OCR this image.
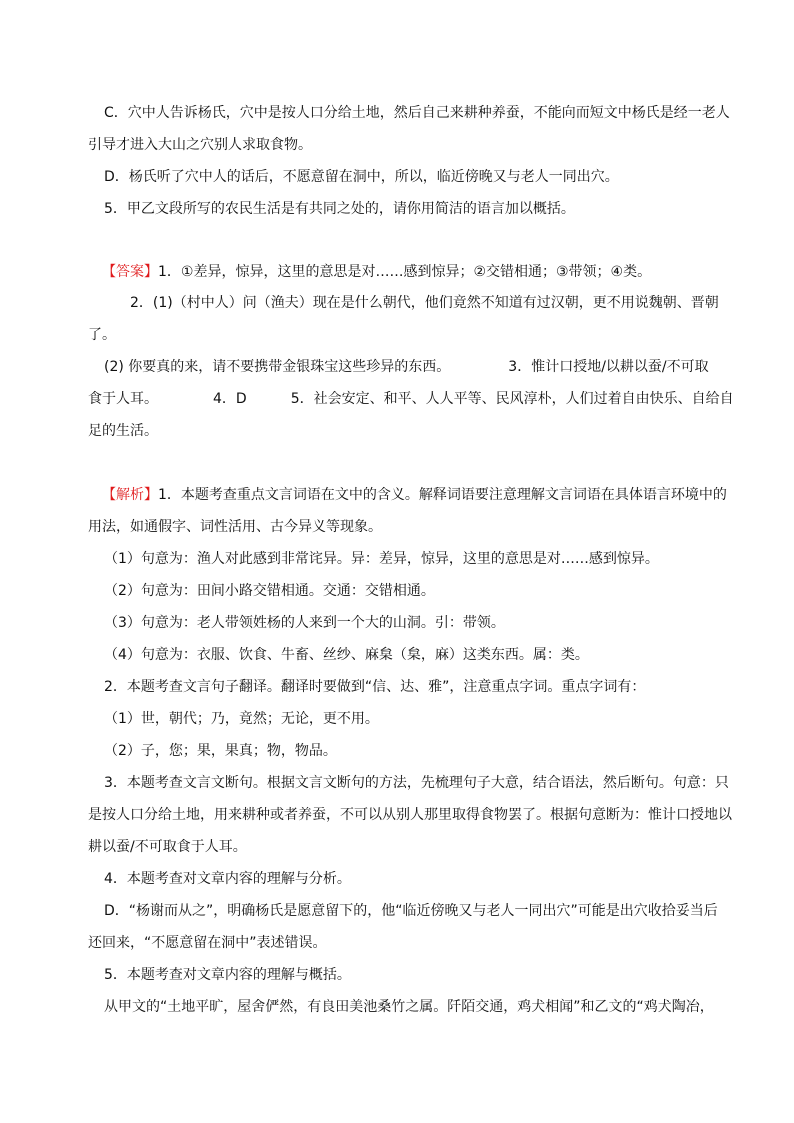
C．穴中人告诉杨氏，穴中是按人口分给土地，然后自己来耕种养蚕，不能向而短文中杨氏是经一老人
引导才进入大山之穴别人求取食物。
D．杨氏听了穴中人的话后，不愿意留在洞中，所以，临近傍晚又与老人一同出穴。
5．甲乙文段所写的农民生活是有共同之处的，请你用简洁的语言加以概括。
【答案】1．①差异，惊异，这里的意思是对……感到惊异；②交错相通；③带领；④类。
2．(1)（村中人）问（渔夫）现在是什么朝代，他们竟然不知道有过汉朝，更不用说魏朝、晋朝
了。
(2) 你要真的来，请不要携带金银珠宝这些珍异的东西。	3．惟计口授地/以耕以蚕/不可取
食于人耳。	4．D	5．社会安定、和平、人人平等、民风淳朴，人们过着自由快乐、自给自
足的生活。
【解析】1．本题考查重点文言词语在文中的含义。解释词语要注意理解文言词语在具体语言环境中的
用法，如通假字、词性活用、古今异义等现象。
（1）句意为：渔人对此感到非常诧异。异：差异，惊异，这里的意思是对……感到惊异。
（2）句意为：田间小路交错相通。交通：交错相通。
（3）句意为：老人带领姓杨的人来到一个大的山洞。引：带领。
（4）句意为：衣服、饮食、牛畜、丝纱、麻枲（枲，麻）这类东西。属：类。
2．本题考查文言句子翻译。翻译时要做到“信、达、雅”，注意重点字词。重点字词有：
（1）世，朝代；乃，竟然；无论，更不用。
（2）子，您；果，果真；物，物品。
3．本题考查文言文断句。根据文言文断句的方法，先梳理句子大意，结合语法，然后断句。句意：只
是按人口分给土地，用来耕种或者养蚕，不可以从别人那里取得食物罢了。根据句意断为：惟计口授地以
耕以蚕/不可取食于人耳。
4．本题考查对文章内容的理解与分析。
D．“杨谢而从之”，明确杨氏是愿意留下的，他“临近傍晚又与老人一同出穴”可能是出穴收拾妥当后
还回来，“不愿意留在洞中”表述错误。
5．本题考查对文章内容的理解与概括。
从甲文的“土地平旷，屋舍俨然，有良田美池桑竹之属。阡陌交通，鸡犬相闻”和乙文的“鸡犬陶冶，
